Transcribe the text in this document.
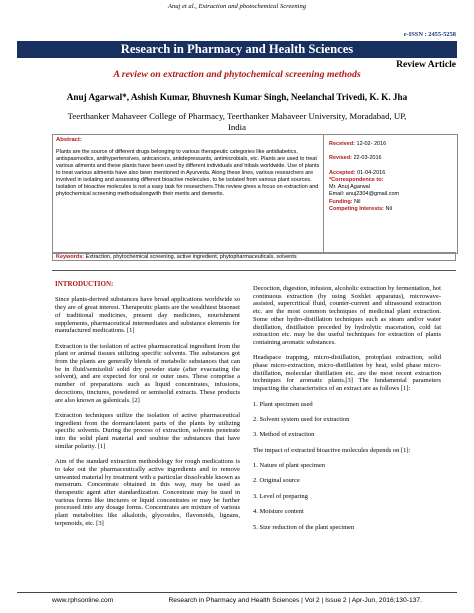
Anuj et al., Extraction and photochemical Screening
e-ISSN : 2455-5258
Research in Pharmacy and Health Sciences
Review Article
A review on extraction and phytochemical screening methods
Anuj Agarwal*, Ashish Kumar, Bhuvnesh Kumar Singh, Neelanchal Trivedi, K. K. Jha
Teerthanker Mahaveer College of Pharmacy, Teerthanker Mahaveer University, Moradabad, UP,
India
Abstract:
Plants are the source of different drugs belonging to various therapeutic categories like antidiabetics, antispasmodics, antihypertensives, anticancers, antidepressants, antimicrobials, etc. Plants are used to treat various ailments and these plants have been used by different individuals and tribals worldwide. Use of plants to treat various ailments have also been mentioned in Ayurveda. Along these lines, various researchers are involved in isolating and assessing different bioactive molecules, to be isolated from various plant sources. Isolation of bioactive molecules is not a easy task for researchers.This review gives a focus on extraction and phytochemical screening methodsalongwith their merits and demerits.
Received: 12-02- 2016
Revised: 22-03-2016
Accepted: 01-04-2016
*Correspondence to:
Mr. Anuj Agarwal
Email: anuj2304@gmail.com
Funding: Nil
Competing Interests: Nil
Keywords: Extraction, phytochemical screening, active ingredient, phytopharmaceuticals, solvents

INTRODUCTION:

Since plants-derived substances have broad applications worldwide so they are of great interest. Therapeutic plants are the wealthiest bisonset of traditional medicines, present day medicines, nourishment supplements, pharmaceutical intermediates and substance elements for manufactured medications. [1]

Extraction is the isolation of active pharmaceutical ingredient from the plant or animal tissues utilizing specific solvents. The substances got from the plants are generally blends of metabolic substances that can be in fluid/semisolid/ solid dry powder state (after evacuating the solvent), and are expected for oral or outer uses. These comprise a number of preparations such as liquid concentrates, infusions, decoctions, tinctures, powdered or semisolid extracts. These products are also known as galenicals. [2]

Extraction techniques utilize the isolation of active pharmaceutical ingredient from the dormant/latent parts of the plants by utilizing specific solvents. During the process of extraction, solvents penetrate into the solid plant material and soubise the substances that have similar polarity. [1]

Aim of the standard extraction methodology for rough medications is to take out the pharmaceutically active ingredients and to remove unwanted material by treatment with a particular dissolvable known as menstrum. Concentrate obtained in this way, may be used as therapeutic agent after standardization. Concentrate may be used in various forms like tinctures or liquid concentrates or may be further processed into any dosage forms. Concentrates are mixture of various plant metabolites like alkaloids, glycosides, flavonoids, lignans, terpenoids, etc. [3]

Decoction, digestion, infusion, alcoholic extraction by fermentation, hot continuous extraction (by using Soxhlet apparatus), microwave-assisted, supercritical fluid, counter-current and ultrasound extraction etc. are the most common techniques of medicinal plant extraction. Some other hydro-distillation techniques such as steam and/or water distillation, distillation preceded by hydrolytic maceration, cold fat extraction etc. may be the useful techniques for extraction of plants containing aromatic substances.

Headspace trapping, micro-distillation, protoplast extraction, solid phase micro-extraction, micro-distillation by heat, solid phase micro-distillation, molecular distillation etc. are the most recent extraction techniques for aromatic plants.[3] The fundamental parameters impacting the characteristics of an extract are as follows [1]:

1. Plant specimen used

2. Solvent system used for extraction

3. Method of extraction

The impact of extracted bioactive molecules depends on [1]:

1. Nature of plant specimen

2. Original source

3. Level of preparing

4. Moisture content

5. Size reduction of the plant specimen

www.rphsonline.com	Research in Pharmacy and Health Sciences | Vol 2 | Issue 2 | Apr-Jun, 2016;130-137.
